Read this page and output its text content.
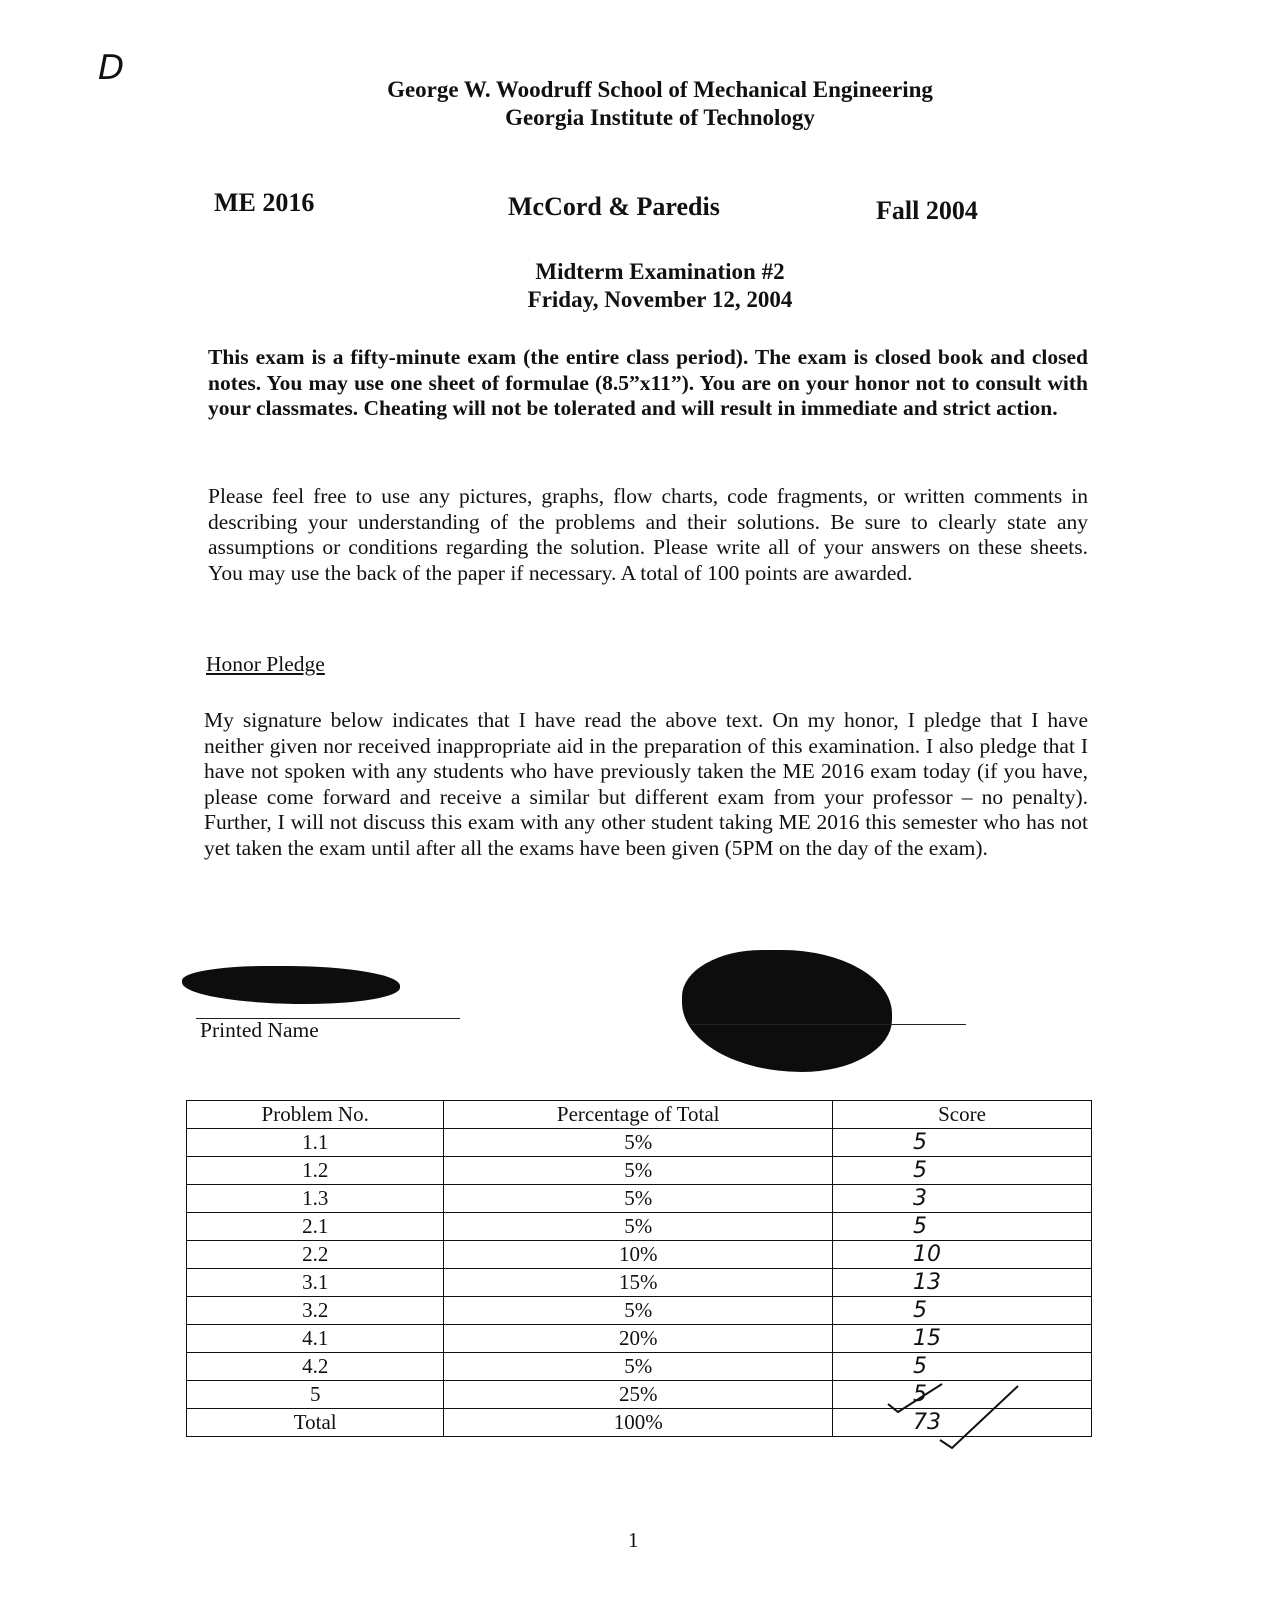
D
George W. Woodruff School of Mechanical Engineering
Georgia Institute of Technology
ME 2016	McCord & Paredis	Fall 2004
Midterm Examination #2
Friday, November 12, 2004
This exam is a fifty-minute exam (the entire class period). The exam is closed book and closed notes. You may use one sheet of formulae (8.5”x11”). You are on your honor not to consult with your classmates. Cheating will not be tolerated and will result in immediate and strict action.
Please feel free to use any pictures, graphs, flow charts, code fragments, or written comments in describing your understanding of the problems and their solutions. Be sure to clearly state any assumptions or conditions regarding the solution. Please write all of your answers on these sheets. You may use the back of the paper if necessary. A total of 100 points are awarded.
Honor Pledge
My signature below indicates that I have read the above text. On my honor, I pledge that I have neither given nor received inappropriate aid in the preparation of this examination. I also pledge that I have not spoken with any students who have previously taken the ME 2016 exam today (if you have, please come forward and receive a similar but different exam from your professor – no penalty). Further, I will not discuss this exam with any other student taking ME 2016 this semester who has not yet taken the exam until after all the exams have been given (5PM on the day of the exam).
Printed Name
Problem No.	Percentage of Total	Score
1.1	5%	5
1.2	5%	5
1.3	5%	3
2.1	5%	5
2.2	10%	10
3.1	15%	13
3.2	5%	5
4.1	20%	15
4.2	5%	5
5	25%	5
Total	100%	73
1
